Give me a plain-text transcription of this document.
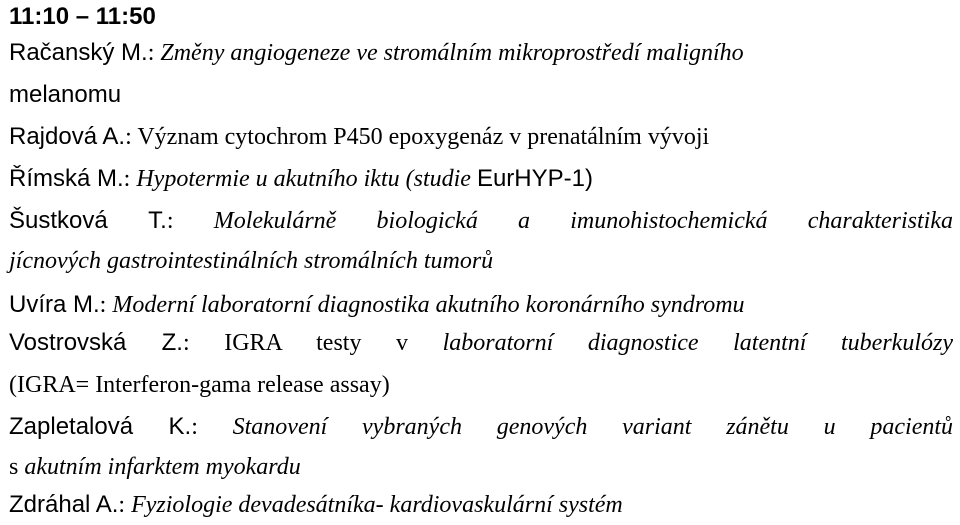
11:10 – 11:50
Račanský M.: Změny angiogeneze ve stromálním mikroprostředí maligního
melanomu
Rajdová A.: Význam cytochrom P450 epoxygenáz v prenatálním vývoji
Římská M.: Hypotermie u akutního iktu (studie EurHYP-1)
Šustková T.: Molekulárně biologická a imunohistochemická charakteristika
jícnových gastrointestinálních stromálních tumorů
Uvíra M.: Moderní laboratorní diagnostika akutního koronárního syndromu
Vostrovská Z.: IGRA testy v laboratorní diagnostice latentní tuberkulózy
(IGRA= Interferon-gama release assay)
Zapletalová K.: Stanovení vybraných genových variant zánětu u pacientů
s akutním infarktem myokardu
Zdráhal A.: Fyziologie devadesátníka- kardiovaskulární systém
